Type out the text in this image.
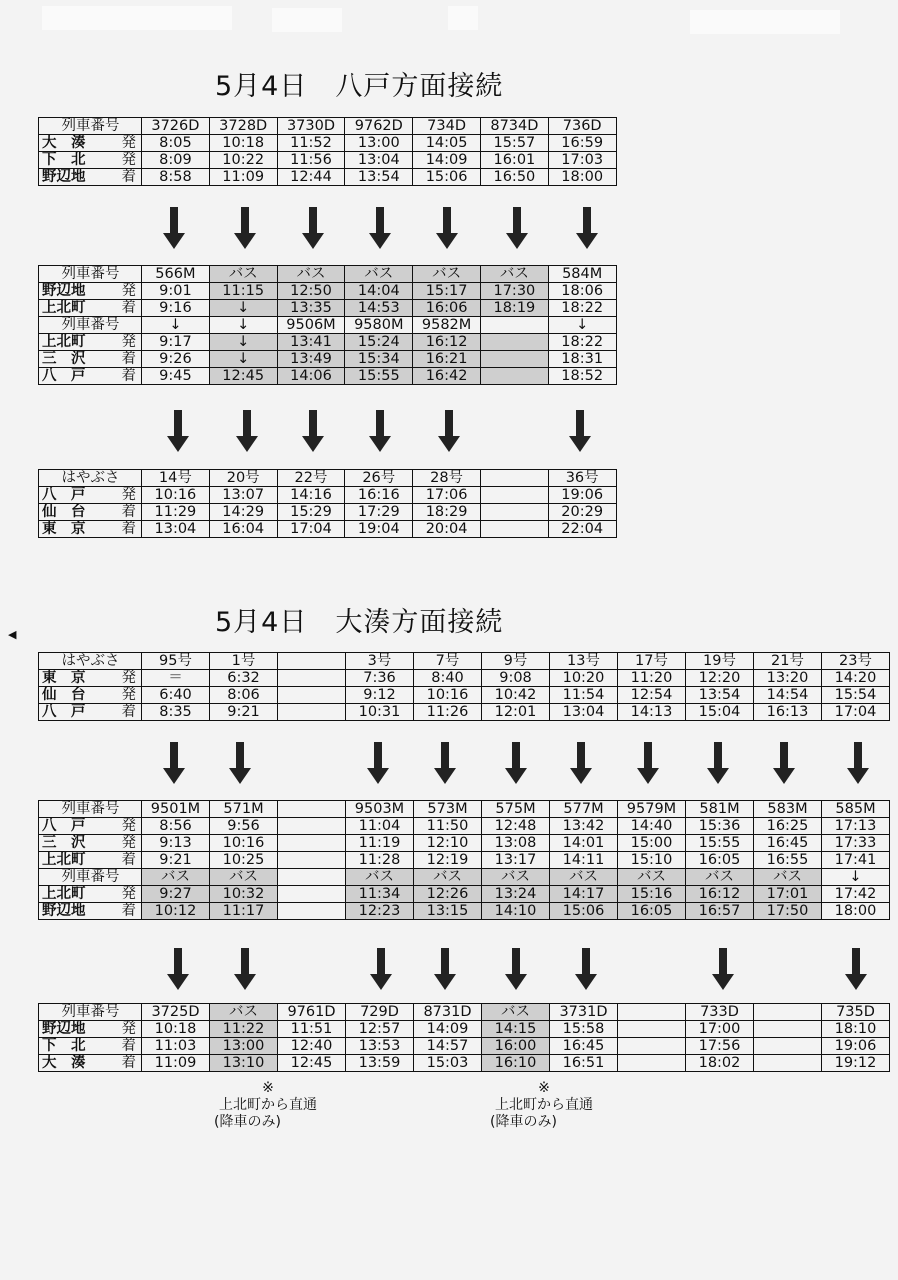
◀
5月4日　八戸方面接続
列車番号	3726D	3728D	3730D	9762D	734D	8734D	736D
大　湊 発	8:05	10:18	11:52	13:00	14:05	15:57	16:59
下　北 発	8:09	10:22	11:56	13:04	14:09	16:01	17:03
野辺地 着	8:58	11:09	12:44	13:54	15:06	16:50	18:00
列車番号	566M	バス	バス	バス	バス	バス	584M
野辺地 発	9:01	11:15	12:50	14:04	15:17	17:30	18:06
上北町 着	9:16	↓	13:35	14:53	16:06	18:19	18:22
列車番号	↓	↓	9506M	9580M	9582M		↓
上北町 発	9:17	↓	13:41	15:24	16:12		18:22
三　沢 着	9:26	↓	13:49	15:34	16:21		18:31
八　戸 着	9:45	12:45	14:06	15:55	16:42		18:52
はやぶさ	14号	20号	22号	26号	28号		36号
八　戸 発	10:16	13:07	14:16	16:16	17:06		19:06
仙　台 着	11:29	14:29	15:29	17:29	18:29		20:29
東　京 着	13:04	16:04	17:04	19:04	20:04		22:04
5月4日　大湊方面接続
はやぶさ	95号	1号		3号	7号	9号	13号	17号	19号	21号	23号
東　京 発	＝	6:32		7:36	8:40	9:08	10:20	11:20	12:20	13:20	14:20
仙　台 発	6:40	8:06		9:12	10:16	10:42	11:54	12:54	13:54	14:54	15:54
八　戸 着	8:35	9:21		10:31	11:26	12:01	13:04	14:13	15:04	16:13	17:04
列車番号	9501M	571M		9503M	573M	575M	577M	9579M	581M	583M	585M
八　戸 発	8:56	9:56		11:04	11:50	12:48	13:42	14:40	15:36	16:25	17:13
三　沢 発	9:13	10:16		11:19	12:10	13:08	14:01	15:00	15:55	16:45	17:33
上北町 着	9:21	10:25		11:28	12:19	13:17	14:11	15:10	16:05	16:55	17:41
列車番号	バス	バス		バス	バス	バス	バス	バス	バス	バス	↓
上北町 発	9:27	10:32		11:34	12:26	13:24	14:17	15:16	16:12	17:01	17:42
野辺地 着	10:12	11:17		12:23	13:15	14:10	15:06	16:05	16:57	17:50	18:00
列車番号	3725D	バス	9761D	729D	8731D	バス	3731D		733D		735D
野辺地 発	10:18	11:22	11:51	12:57	14:09	14:15	15:58		17:00		18:10
下　北 着	11:03	13:00	12:40	13:53	14:57	16:00	16:45		17:56		19:06
大　湊 着	11:09	13:10	12:45	13:59	15:03	16:10	16:51		18:02		19:12
※
上北町から直通
(降車のみ)
※
上北町から直通
(降車のみ)
